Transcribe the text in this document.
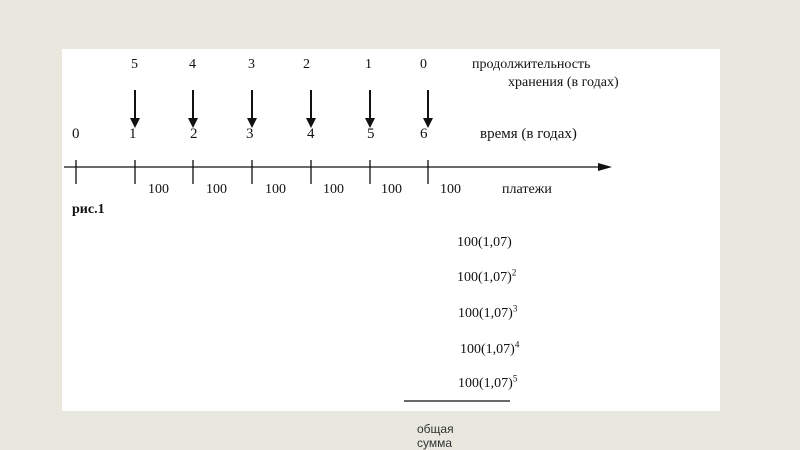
5	4	3	2	1	0	продолжительность
хранения (в годах)
0	1	2	3	4	5	6	время (в годах)
100	100	100	100	100	100	платежи
рис.1
100(1,07)
$100(1,07)^2$
$100(1,07)^3$
$100(1,07)^4$
$100(1,07)^5$
общая сумма
